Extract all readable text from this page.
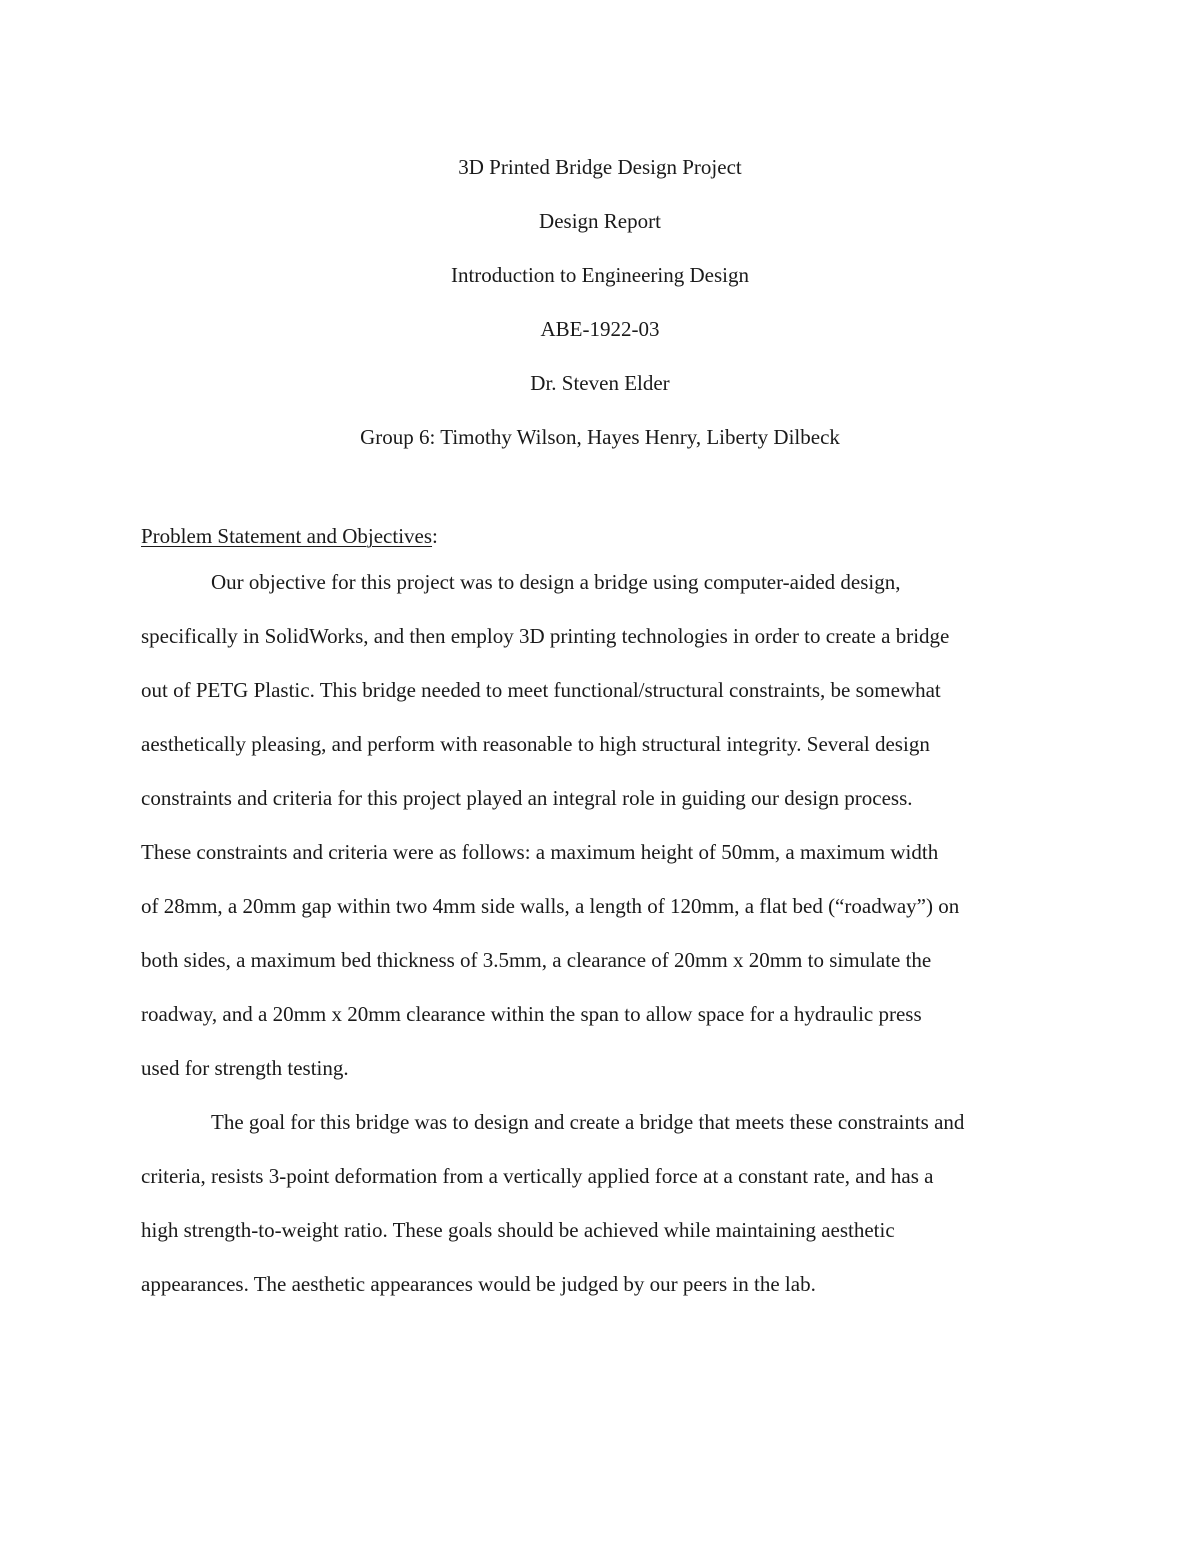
3D Printed Bridge Design Project
Design Report
Introduction to Engineering Design
ABE-1922-03
Dr. Steven Elder
Group 6: Timothy Wilson, Hayes Henry, Liberty Dilbeck
Problem Statement and Objectives:
Our objective for this project was to design a bridge using computer-aided design,
specifically in SolidWorks, and then employ 3D printing technologies in order to create a bridge
out of PETG Plastic. This bridge needed to meet functional/structural constraints, be somewhat
aesthetically pleasing, and perform with reasonable to high structural integrity. Several design
constraints and criteria for this project played an integral role in guiding our design process.
These constraints and criteria were as follows: a maximum height of 50mm, a maximum width
of 28mm, a 20mm gap within two 4mm side walls, a length of 120mm, a flat bed (“roadway”) on
both sides, a maximum bed thickness of 3.5mm, a clearance of 20mm x 20mm to simulate the
roadway, and a 20mm x 20mm clearance within the span to allow space for a hydraulic press
used for strength testing.
The goal for this bridge was to design and create a bridge that meets these constraints and
criteria, resists 3-point deformation from a vertically applied force at a constant rate, and has a
high strength-to-weight ratio. These goals should be achieved while maintaining aesthetic
appearances. The aesthetic appearances would be judged by our peers in the lab.
